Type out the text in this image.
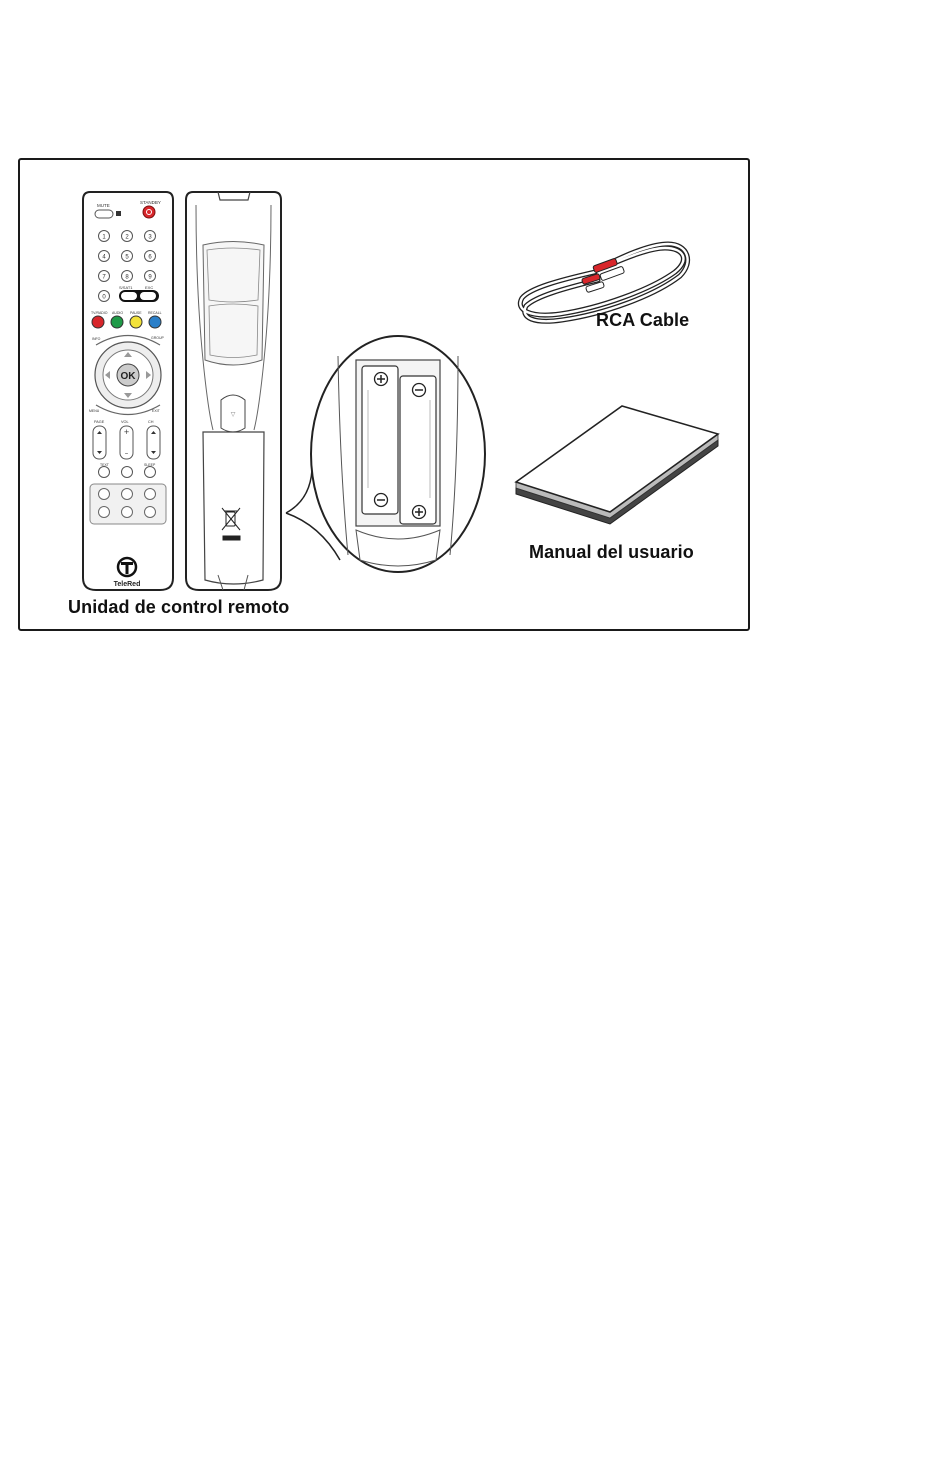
MUTE
STANDBY
1	2	3
4	5	6
7	8	9
0
S/SAT1	EXC
TV/RADIO AUDIO PAUSE RECALL
INFO	GROUP
OK
MENU	EXIT
PAGE	VOL	CH
+
–
TEXT	SLEEP
TeleRed
▽
Unidad de control remoto
RCA Cable
Manual del usuario
